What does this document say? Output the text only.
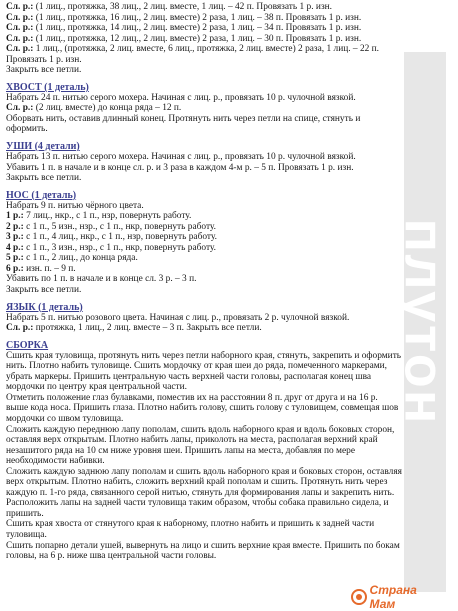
Сл. р.: (1 лиц., протяжка, 38 лиц., 2 лиц. вместе, 1 лиц. – 42 п. Провязать 1 р. изн.

Сл. р.: (1 лиц., протяжка, 16 лиц., 2 лиц. вместе) 2 раза, 1 лиц. – 38 п. Провязать 1 р. изн.

Сл. р.: (1 лиц., протяжка, 14 лиц., 2 лиц. вместе) 2 раза, 1 лиц. – 34 п. Провязать 1 р. изн.

Сл. р.: (1 лиц., протяжка, 12 лиц., 2 лиц. вместе) 2 раза, 1 лиц. – 30 п. Провязать 1 р. изн.

Сл. р.: 1 лиц., (протяжка, 2 лиц. вместе, 6 лиц., протяжка, 2 лиц. вместе) 2 раза, 1 лиц. – 22 п. Провязать 1 р. изн.

Закрыть все петли.

ХВОСТ (1 деталь)

Набрать 24 п. нитью серого мохера. Начиная с лиц. р., провязать 10 р. чулочной вязкой.

Сл. р.: (2 лиц. вместе) до конца ряда – 12 п.

Оборвать нить, оставив длинный конец. Протянуть нить через петли на спице, стянуть и оформить.

УШИ (4 детали)

Набрать 13 п. нитью серого мохера. Начиная с лиц. р., провязать 10 р. чулочной вязкой.

Убавить 1 п. в начале и в конце сл. р. и 3 раза в каждом 4-м р. – 5 п. Провязать 1 р. изн.

Закрыть все петли.

НОС (1 деталь)

Набрать 9 п. нитью чёрного цвета.

1 р.: 7 лиц., нкр., с 1 п., нзр, повернуть работу.

2 р.: с 1 п., 5 изн., нзр., с 1 п., нкр, повернуть работу.

3 р.: с 1 п., 4 лиц., нкр., с 1 п., нзр, повернуть работу.

4 р.: с 1 п., 3 изн., нзр., с 1 п., нкр, повернуть работу.

5 р.: с 1 п., 2 лиц., до конца ряда.

6 р.: изн. п. – 9 п.

Убавить по 1 п. в начале и в конце сл. 3 р. – 3 п.

Закрыть все петли.

ЯЗЫК (1 деталь)

Набрать 5 п. нитью розового цвета. Начиная с лиц. р., провязать 2 р. чулочной вязкой.

Сл. р.: протяжка, 1 лиц., 2 лиц. вместе – 3 п. Закрыть все петли.

СБОРКА

Сшить края туловища, протянуть нить через петли наборного края, стянуть, закрепить и оформить нить. Плотно набить туловище. Сшить мордочку от края шеи до ряда, помеченного маркерами, убрать маркеры. Пришить центральную часть верхней части головы, располагая конец шва мордочки по центру края центральной части.

Отметить положение глаз булавками, поместив их на расстоянии 8 п. друг от друга и на 16 р. выше кода носа. Пришить глаза. Плотно набить голову, сшить голову с туловищем, совмещая шов мордочки со швом туловища.

Сложить каждую переднюю лапу пополам, сшить вдоль наборного края и вдоль боковых сторон, оставляя верх открытым. Плотно набить лапы, приколоть на места, располагая верхний край незашитого ряда на 10 см ниже уровня шеи. Пришить лапы на места, добавляя по мере необходимости набивки.

Сложить каждую заднюю лапу пополам и сшить вдоль наборного края и боковых сторон, оставляя верх открытым. Плотно набить, сложить верхний край пополам и сшить. Протянуть нить через каждую п. 1-го ряда, связанного серой нитью, стянуть для формирования лапы и закрепить нить. Расположить лапы на задней части туловища таким образом, чтобы собака правильно сидела, и пришить.

Сшить края хвоста от стянутого края к наборному, плотно набить и пришить к задней части туловища.

Сшить попарно детали ушей, вывернуть на лицо и сшить верхние края вместе. Пришить по бокам головы, на 6 р. ниже шва центральной части головы.

плутон
Страна Мам
